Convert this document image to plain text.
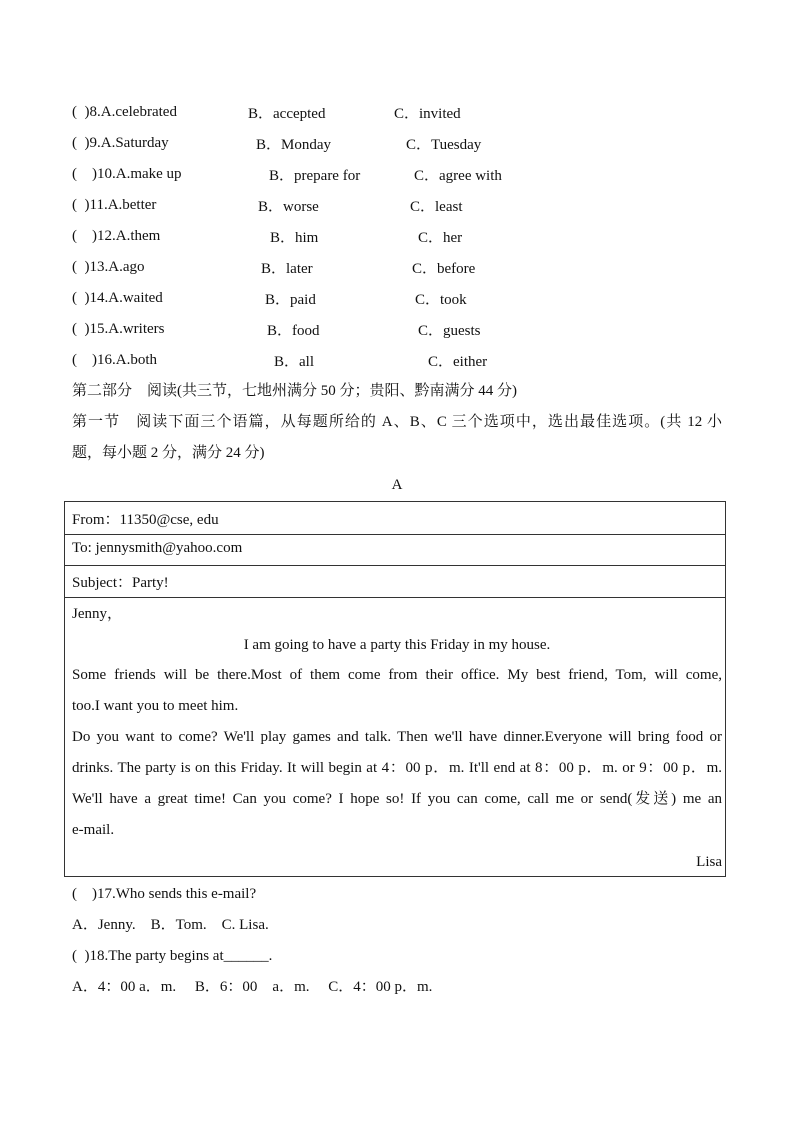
( )8.A.celebrated	B．accepted	C．invited
( )9.A.Saturday	B．Monday	C．Tuesday
( )10.A.make up	B．prepare for	C．agree with
( )11.A.better	B．worse	C．least
( )12.A.them	B．him	C．her
( )13.A.ago	B．later	C．before
( )14.A.waited	B．paid	C．took
( )15.A.writers	B．food	C．guests
( )16.A.both	B．all	C．either
第二部分　阅读(共三节，七地州满分 50 分；贵阳、黔南满分 44 分)
第一节　阅读下面三个语篇，从每题所给的 A、B、C 三个选项中，选出最佳选项。(共 12 小
题，每小题 2 分，满分 24 分)
A
From：11350@cse, edu
To: jennysmith@yahoo.com
Subject：Party!
Jenny，
I am going to have a party this Friday in my house.
Some friends will be there.Most of them come from their office. My best friend, Tom, will come,
too.I want you to meet him.
Do you want to come? We'll play games and talk. Then we'll have dinner.Everyone will bring food or
drinks. The party is on this Friday. It will begin at 4：00 p．m. It'll end at 8：00 p．m. or 9：00 p．m.
We'll have a great time! Can you come? I hope so! If you can come, call me or send(发送) me an
e-mail.
Lisa
( )17.Who sends this e-mail?
A．Jenny.　B．Tom.　C. Lisa.
( )18.The party begins at______.
A．4：00 a．m.　 B．6：00　a．m.　 C．4：00 p．m.
